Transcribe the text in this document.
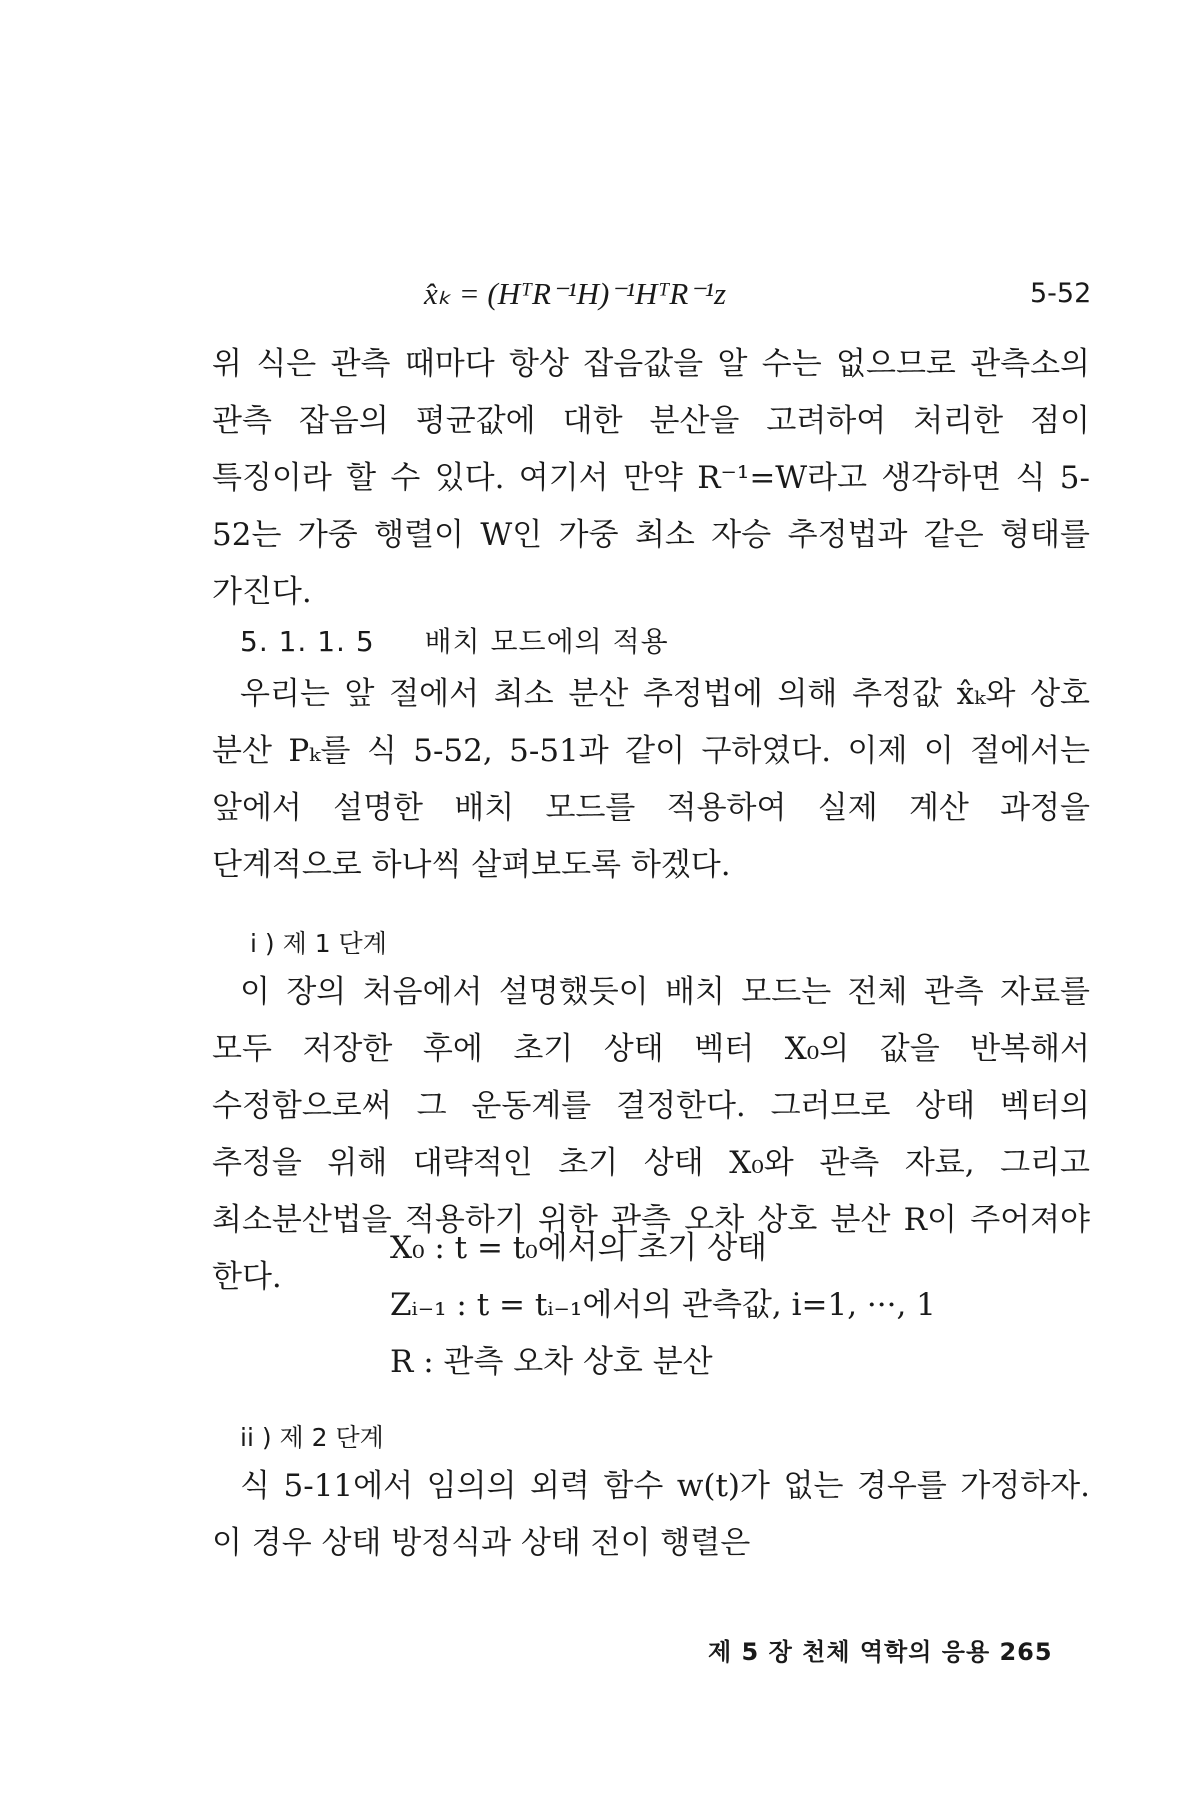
x̂ₖ = (HᵀR⁻¹H)⁻¹HᵀR⁻¹z	5-52
위 식은 관측 때마다 항상 잡음값을 알 수는 없으므로 관측소의 관측 잡음의 평균값에 대한 분산을 고려하여 처리한 점이 특징이라 할 수 있다. 여기서 만약 R⁻¹=W라고 생각하면 식 5-52는 가중 행렬이 W인 가중 최소 자승 추정법과 같은 형태를 가진다.
5. 1. 1. 5 배치 모드에의 적용
우리는 앞 절에서 최소 분산 추정법에 의해 추정값 x̂ₖ와 상호 분산 Pₖ를 식 5-52, 5-51과 같이 구하였다. 이제 이 절에서는 앞에서 설명한 배치 모드를 적용하여 실제 계산 과정을 단계적으로 하나씩 살펴보도록 하겠다.
i ) 제 1 단계
이 장의 처음에서 설명했듯이 배치 모드는 전체 관측 자료를 모두 저장한 후에 초기 상태 벡터 X₀의 값을 반복해서 수정함으로써 그 운동계를 결정한다. 그러므로 상태 벡터의 추정을 위해 대략적인 초기 상태 X₀와 관측 자료, 그리고 최소분산법을 적용하기 위한 관측 오차 상호 분산 R이 주어져야 한다.
X₀ : t = t₀에서의 초기 상태
Zᵢ₋₁ : t = tᵢ₋₁에서의 관측값, i=1, ···, 1
R : 관측 오차 상호 분산
ii ) 제 2 단계
식 5-11에서 임의의 외력 함수 w(t)가 없는 경우를 가정하자. 이 경우 상태 방정식과 상태 전이 행렬은
제 5 장 천체 역학의 응용 265
